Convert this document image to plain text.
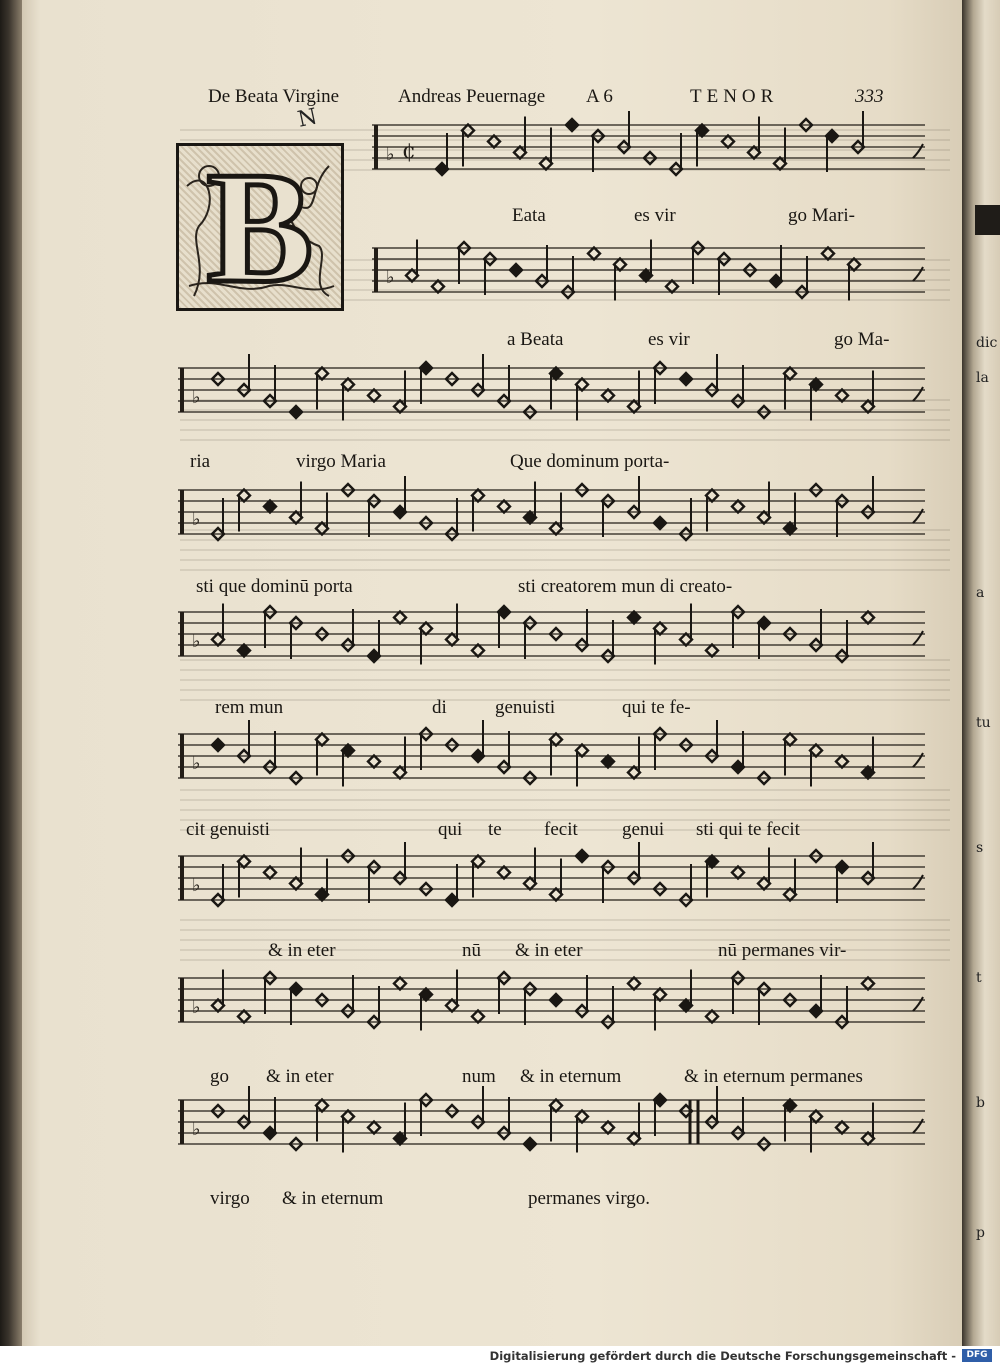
dic
la
a
tu
s
t
b
p
De Beata Virgine	Andreas Peuernage A 6	TENOR	333
N
B	♭ ¢
♭
♭
♭
♭
♭
♭
♭
♭
Eata	es vir	go Mari-
a Beata	es vir	go Ma-
ria	virgo Maria	Que dominum porta-
sti que dominū porta	sti creatorem mun di creato-
rem mun	di	genuisti	qui te fe-
cit genuisti	qui te fecit genui sti qui te fecit
& in eter	nū & in eter	nū permanes vir-
go & in eter	num & in eternum	& in eternum permanes
virgo & in eternum	permanes virgo.
Digitalisierung gefördert durch die Deutsche Forschungsgemeinschaft -	DFG
